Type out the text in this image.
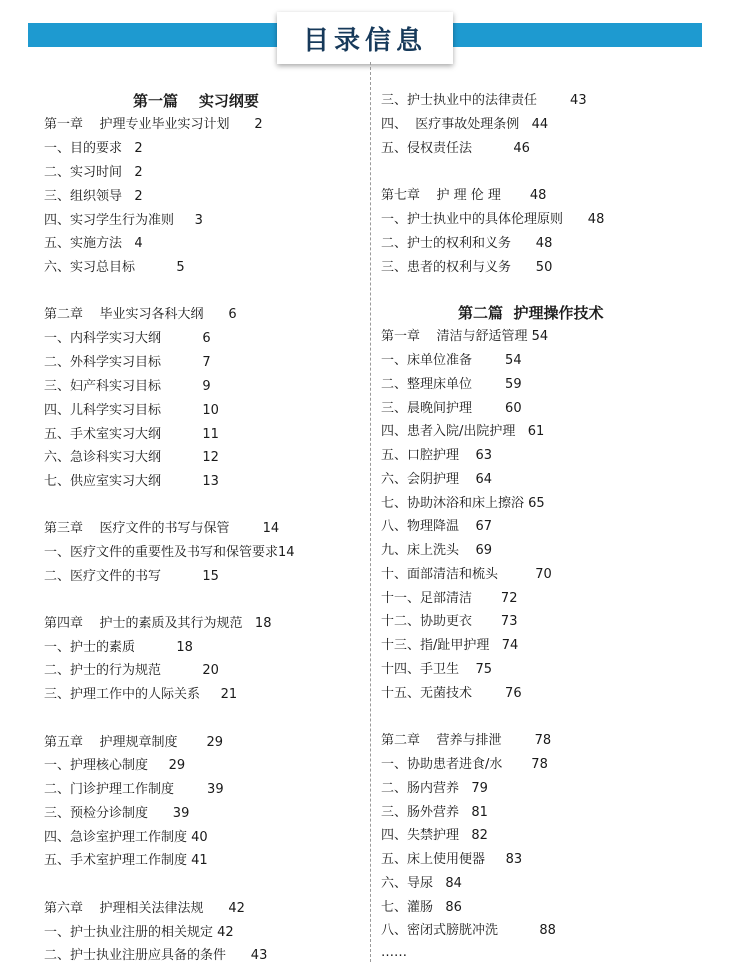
目录信息
第一篇    实习纲要
第一章    护理专业毕业实习计划      2
一、目的要求   2
二、实习时间   2
三、组织领导   2
四、实习学生行为准则     3
五、实施方法   4
六、实习总目标          5
第二章    毕业实习各科大纲      6
一、内科学实习大纲          6
二、外科学实习目标          7
三、妇产科实习目标          9
四、儿科学实习目标          10
五、手术室实习大纲          11
六、急诊科实习大纲          12
七、供应室实习大纲          13
第三章    医疗文件的书写与保管        14
一、医疗文件的重要性及书写和保管要求14
二、医疗文件的书写          15
第四章    护士的素质及其行为规范   18
一、护士的素质          18
二、护士的行为规范          20
三、护理工作中的人际关系     21
第五章    护理规章制度       29
一、护理核心制度     29
二、门诊护理工作制度        39
三、预检分诊制度      39
四、急诊室护理工作制度 40
五、手术室护理工作制度 41
第六章    护理相关法律法规      42
一、护士执业注册的相关规定 42
二、护士执业注册应具备的条件      43
三、护士执业中的法律责任        43
四、  医疗事故处理条例   44
五、侵权责任法          46
第七章    护 理 伦 理       48
一、护士执业中的具体伦理原则      48
二、护士的权利和义务      48
三、患者的权利与义务      50
第二篇  护理操作技术
第一章    清洁与舒适管理 54
一、床单位准备        54
二、整理床单位        59
三、晨晚间护理        60
四、患者入院/出院护理   61
五、口腔护理    63
六、会阴护理    64
七、协助沐浴和床上擦浴 65
八、物理降温    67
九、床上洗头    69
十、面部清洁和梳头         70
十一、足部清洁       72
十二、协助更衣       73
十三、指/趾甲护理   74
十四、手卫生    75
十五、无菌技术        76
第二章    营养与排泄        78
一、协助患者进食/水       78
二、肠内营养   79
三、肠外营养   81
四、失禁护理   82
五、床上使用便器     83
六、导尿   84
七、灌肠   86
八、密闭式膀胱冲洗          88
……
